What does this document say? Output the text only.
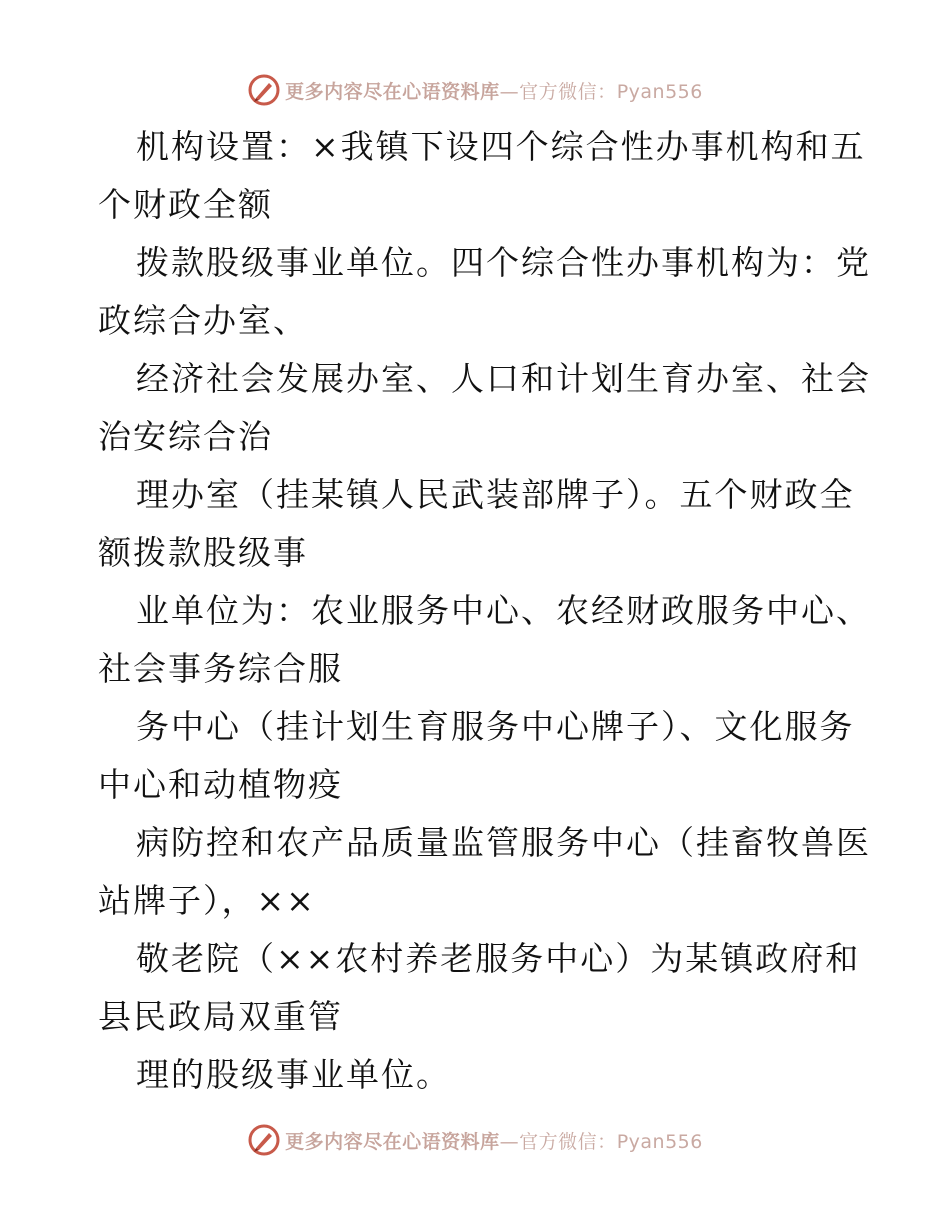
更多内容尽在心语资料库—官方微信：Pyan556
机构设置：×我镇下设四个综合性办事机构和五
个财政全额
拨款股级事业单位。四个综合性办事机构为：党
政综合办室、
经济社会发展办室、人口和计划生育办室、社会
治安综合治
理办室（挂某镇人民武装部牌子）。五个财政全
额拨款股级事
业单位为：农业服务中心、农经财政服务中心、
社会事务综合服
务中心（挂计划生育服务中心牌子）、文化服务
中心和动植物疫
病防控和农产品质量监管服务中心（挂畜牧兽医
站牌子），××
敬老院（××农村养老服务中心）为某镇政府和
县民政局双重管
理的股级事业单位。
更多内容尽在心语资料库—官方微信：Pyan556
